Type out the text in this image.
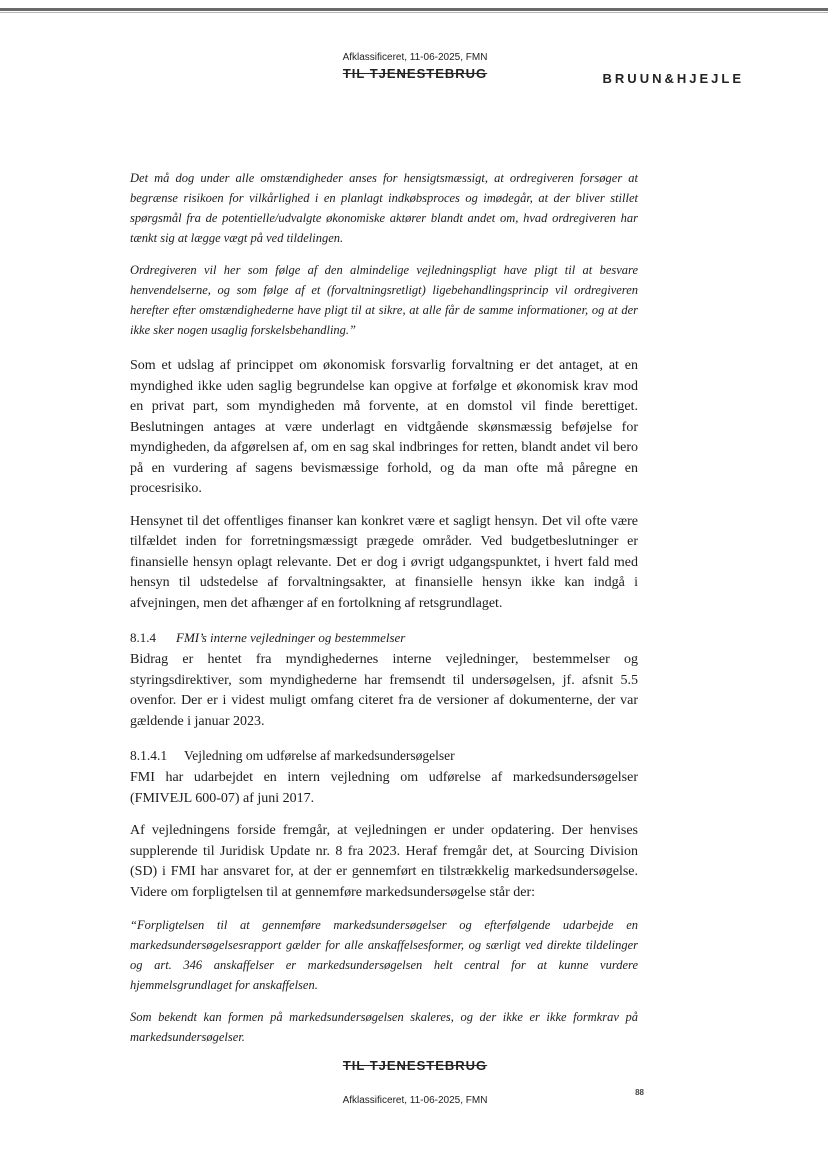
Afklassificeret, 11-06-2025, FMN
TIL TJENESTEBRUG	BRUUN&HJEJLE

Det må dog under alle omstændigheder anses for hensigtsmæssigt, at ordregiveren forsøger at begrænse risikoen for vilkårlighed i en planlagt indkøbsproces og imødegår, at der bliver stillet spørgsmål fra de potentielle/udvalgte økonomiske aktører blandt andet om, hvad ordregiveren har tænkt sig at lægge vægt på ved tildelingen.

Ordregiveren vil her som følge af den almindelige vejledningspligt have pligt til at besvare henvendelserne, og som følge af et (forvaltningsretligt) ligebehandlingsprincip vil ordregiveren herefter efter omstændighederne have pligt til at sikre, at alle får de samme informationer, og at der ikke sker nogen usaglig forskelsbehandling.”

Som et udslag af princippet om økonomisk forsvarlig forvaltning er det antaget, at en myndighed ikke uden saglig begrundelse kan opgive at forfølge et økonomisk krav mod en privat part, som myndigheden må forvente, at en domstol vil finde berettiget. Beslutningen antages at være underlagt en vidtgående skønsmæssig beføjelse for myndigheden, da afgørelsen af, om en sag skal indbringes for retten, blandt andet vil bero på en vurdering af sagens bevismæssige forhold, og da man ofte må påregne en procesrisiko.

Hensynet til det offentliges finanser kan konkret være et sagligt hensyn. Det vil ofte være tilfældet inden for forretningsmæssigt prægede områder. Ved budgetbeslutninger er finansielle hensyn oplagt relevante. Det er dog i øvrigt udgangspunktet, i hvert fald med hensyn til udstedelse af forvaltningsakter, at finansielle hensyn ikke kan indgå i afvejningen, men det afhænger af en fortolkning af retsgrundlaget.

8.1.4 FMI’s interne vejledninger og bestemmelser

Bidrag er hentet fra myndighedernes interne vejledninger, bestemmelser og styringsdirektiver, som myndighederne har fremsendt til undersøgelsen, jf. afsnit 5.5 ovenfor. Der er i videst muligt omfang citeret fra de versioner af dokumenterne, der var gældende i januar 2023.

8.1.4.1 Vejledning om udførelse af markedsundersøgelser

FMI har udarbejdet en intern vejledning om udførelse af markedsundersøgelser (FMIVEJL 600-07) af juni 2017.

Af vejledningens forside fremgår, at vejledningen er under opdatering. Der henvises supplerende til Juridisk Update nr. 8 fra 2023. Heraf fremgår det, at Sourcing Division (SD) i FMI har ansvaret for, at der er gennemført en tilstrækkelig markedsundersøgelse. Videre om forpligtelsen til at gennemføre markedsundersøgelse står der:

“Forpligtelsen til at gennemføre markedsundersøgelser og efterfølgende udarbejde en markedsundersøgelsesrapport gælder for alle anskaffelsesformer, og særligt ved direkte tildelinger og art. 346 anskaffelser er markedsundersøgelsen helt central for at kunne vurdere hjemmelsgrundlaget for anskaffelsen.

Som bekendt kan formen på markedsundersøgelsen skaleres, og der ikke er ikke formkrav på markedsundersøgelser.

TIL TJENESTEBRUG
88
Afklassificeret, 11-06-2025, FMN
